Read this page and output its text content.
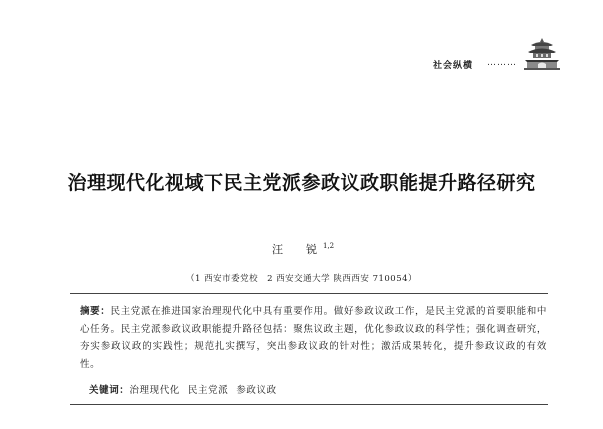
社会纵横 ………
治理现代化视域下民主党派参政议政职能提升路径研究
汪　锐$^{1,2}$
（1 西安市委党校　2 西安交通大学 陕西西安 710054）
摘要：民主党派在推进国家治理现代化中具有重要作用。做好参政议政工作，是民主党派的首要职能和中心任务。民主党派参政议政职能提升路径包括：聚焦议政主题，优化参政议政的科学性；强化调查研究，夯实参政议政的实践性；规范扎实撰写，突出参政议政的针对性；激活成果转化，提升参政议政的有效性。
关键词：治理现代化 民主党派 参政议政
